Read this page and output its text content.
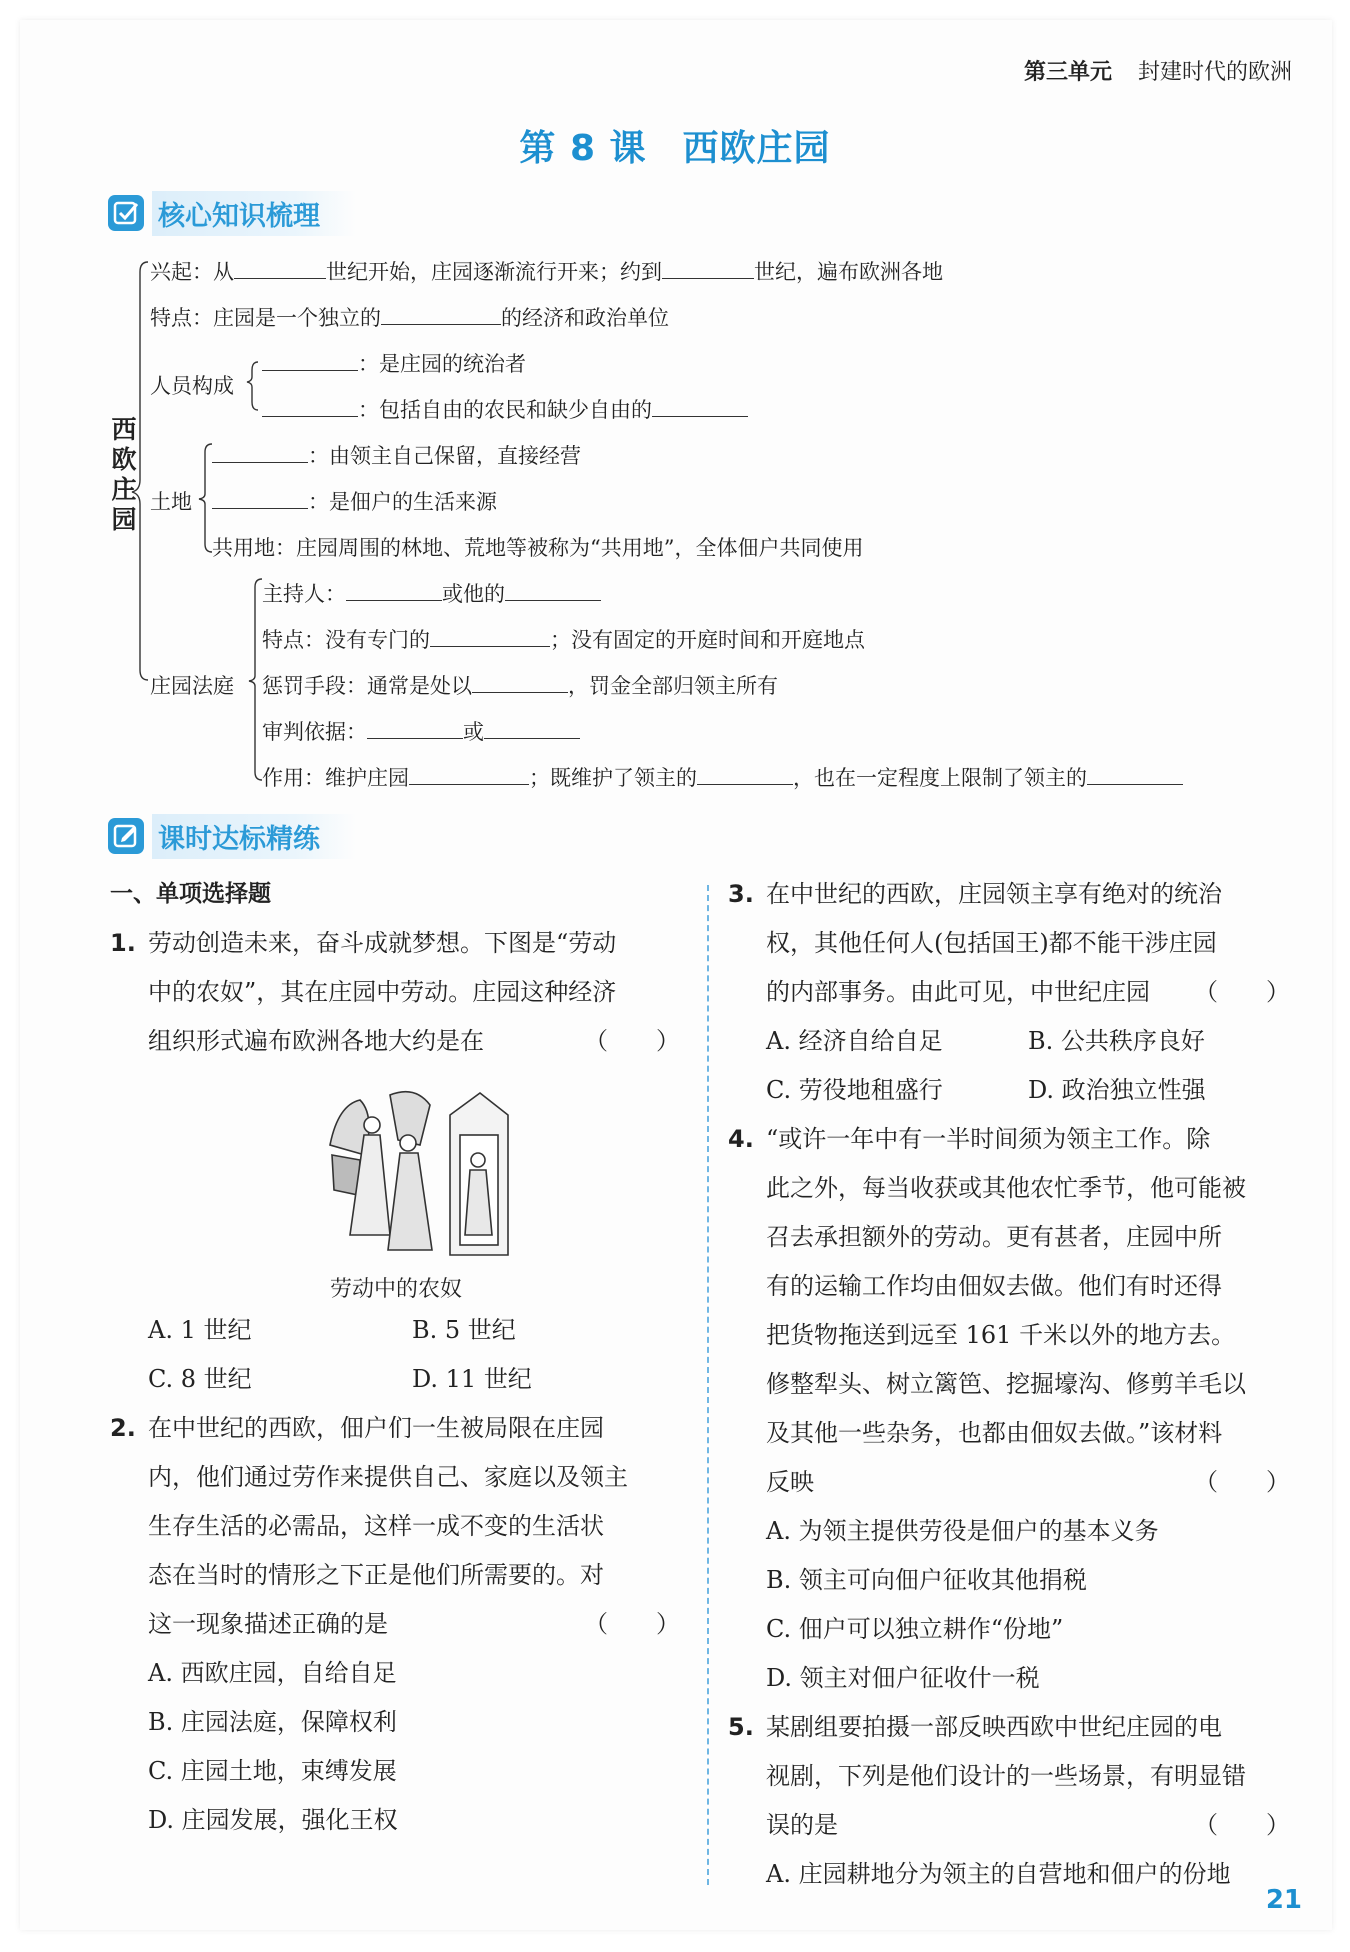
第三单元 封建时代的欧洲
第 8 课 西欧庄园
核心知识梳理
西欧庄园
兴起：从	世纪开始，庄园逐渐流行开来；约到	世纪，遍布欧洲各地
特点：庄园是一个独立的	的经济和政治单位
人员构成
：是庄园的统治者
：包括自由的农民和缺少自由的
土地
：由领主自己保留，直接经营
：是佃户的生活来源
共用地：庄园周围的林地、荒地等被称为“共用地”，全体佃户共同使用
庄园法庭
主持人：	或他的
特点：没有专门的	；没有固定的开庭时间和开庭地点
惩罚手段：通常是处以	，罚金全部归领主所有
审判依据：	或
作用：维护庄园	；既维护了领主的	，也在一定程度上限制了领主的
课时达标精练
一、单项选择题
1. 劳动创造未来，奋斗成就梦想。下图是“劳动
中的农奴”，其在庄园中劳动。庄园这种经济
组织形式遍布欧洲各地大约是在	（　　）
A. 1 世纪	B. 5 世纪
C. 8 世纪	D. 11 世纪
2. 在中世纪的西欧，佃户们一生被局限在庄园
内，他们通过劳作来提供自己、家庭以及领主
生存生活的必需品，这样一成不变的生活状
态在当时的情形之下正是他们所需要的。对
这一现象描述正确的是	（　　）
A. 西欧庄园，自给自足
B. 庄园法庭，保障权利
C. 庄园土地，束缚发展
D. 庄园发展，强化王权
劳动中的农奴
3. 在中世纪的西欧，庄园领主享有绝对的统治
权，其他任何人(包括国王)都不能干涉庄园
的内部事务。由此可见，中世纪庄园 （　　）
A. 经济自给自足	B. 公共秩序良好
C. 劳役地租盛行	D. 政治独立性强
4. “或许一年中有一半时间须为领主工作。除
此之外，每当收获或其他农忙季节，他可能被
召去承担额外的劳动。更有甚者，庄园中所
有的运输工作均由佃奴去做。他们有时还得
把货物拖送到远至 161 千米以外的地方去。
修整犁头、树立篱笆、挖掘壕沟、修剪羊毛以
及其他一些杂务，也都由佃奴去做。”该材料
反映	（　　）
A. 为领主提供劳役是佃户的基本义务
B. 领主可向佃户征收其他捐税
C. 佃户可以独立耕作“份地”
D. 领主对佃户征收什一税
5. 某剧组要拍摄一部反映西欧中世纪庄园的电
视剧，下列是他们设计的一些场景，有明显错
误的是	（　　）
A. 庄园耕地分为领主的自营地和佃户的份地
21
